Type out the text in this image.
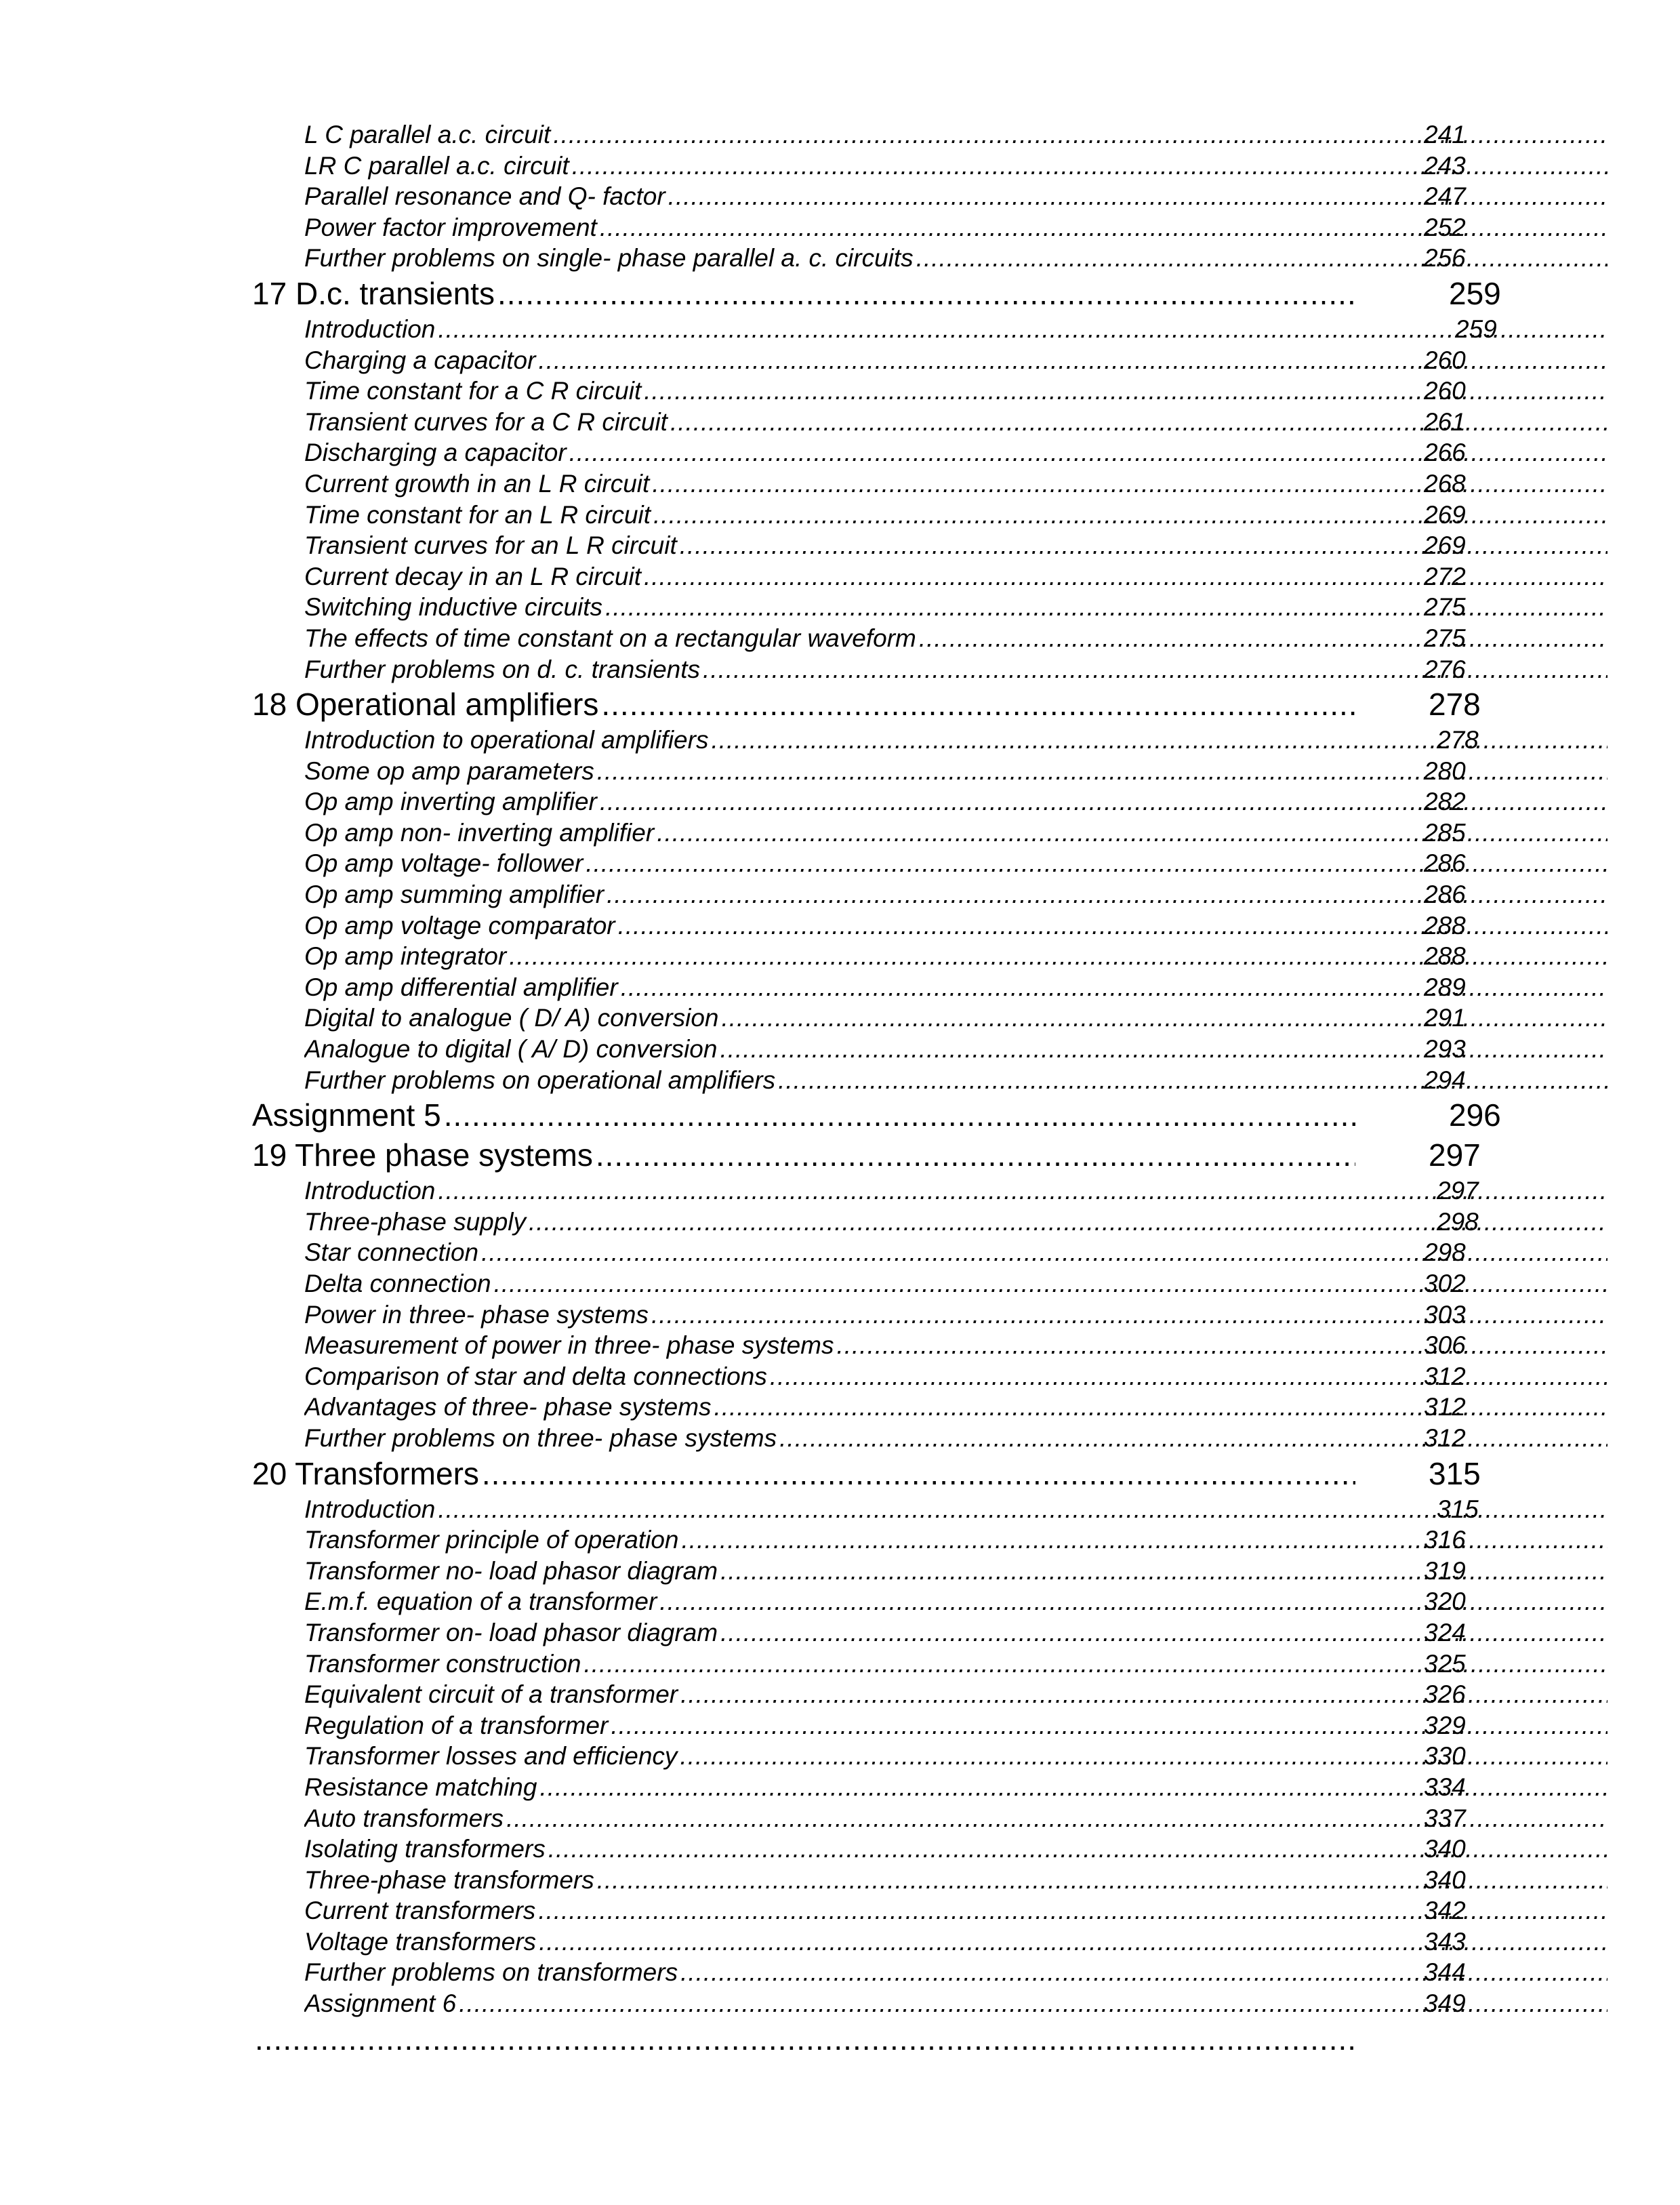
L C parallel a.c. circuit .....	241
LR C parallel a.c. circuit .....	243
Parallel resonance and Q- factor .....	247
Power factor improvement .....	252
Further problems on single- phase parallel a. c. circuits .....	256
17 D.c. transients .....	259
Introduction .....	259
Charging a capacitor .....	260
Time constant for a C R circuit .....	260
Transient curves for a C R circuit .....	261
Discharging a capacitor .....	266
Current growth in an L R circuit .....	268
Time constant for an L R circuit .....	269
Transient curves for an L R circuit .....	269
Current decay in an L R circuit .....	272
Switching inductive circuits .....	275
The effects of time constant on a rectangular waveform .....	275
Further problems on d. c. transients .....	276
18 Operational amplifiers .....	278
Introduction to operational amplifiers .....	278
Some op amp parameters .....	280
Op amp inverting amplifier .....	282
Op amp non- inverting amplifier .....	285
Op amp voltage- follower .....	286
Op amp summing amplifier .....	286
Op amp voltage comparator .....	288
Op amp integrator .....	288
Op amp differential amplifier .....	289
Digital to analogue ( D/ A) conversion .....	291
Analogue to digital ( A/ D) conversion .....	293
Further problems on operational amplifiers .....	294
Assignment 5 .....	296
19 Three phase systems .....	297
Introduction .....	297
Three-phase supply .....	298
Star connection .....	298
Delta connection .....	302
Power in three- phase systems .....	303
Measurement of power in three- phase systems .....	306
Comparison of star and delta connections .....	312
Advantages of three- phase systems .....	312
Further problems on three- phase systems .....	312
20 Transformers .....	315
Introduction .....	315
Transformer principle of operation .....	316
Transformer no- load phasor diagram .....	319
E.m.f. equation of a transformer .....	320
Transformer on- load phasor diagram .....	324
Transformer construction .....	325
Equivalent circuit of a transformer .....	326
Regulation of a transformer .....	329
Transformer losses and efficiency .....	330
Resistance matching .....	334
Auto transformers .....	337
Isolating transformers .....	340
Three-phase transformers .....	340
Current transformers .....	342
Voltage transformers .....	343
Further problems on transformers .....	344
Assignment 6 .....	349
.....
